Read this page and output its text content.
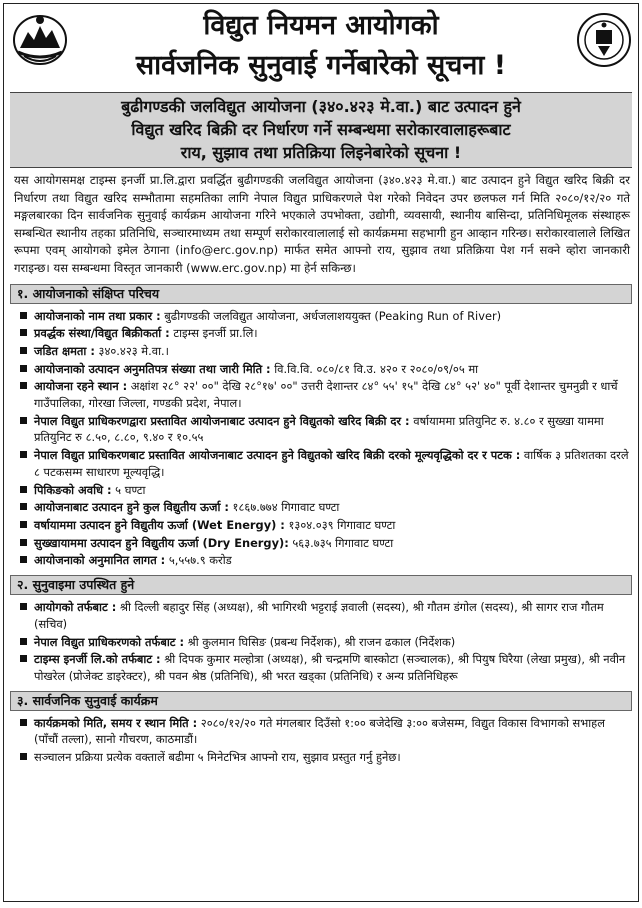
विद्युत नियमन आयोगको
सार्वजनिक सुनुवाई गर्नेबारेको सूचना !
बुढीगण्डकी जलविद्युत आयोजना (३४०.४२३ मे.वा.) बाट उत्पादन हुने
विद्युत खरिद बिक्री दर निर्धारण गर्ने सम्बन्धमा सरोकारवालाहरूबाट
राय, सुझाव तथा प्रतिक्रिया लिइनेबारेको सूचना !
यस आयोगसमक्ष टाइम्स इनर्जी प्रा.लि.द्वारा प्रवर्द्धित बुढीगण्डकी जलविद्युत आयोजना (३४०.४२३ मे.वा.) बाट उत्पादन हुने विद्युत खरिद बिक्री दर निर्धारण तथा विद्युत खरिद सम्भौतामा सहमतिका लागि नेपाल विद्युत प्राधिकरणले पेश गरेको निवेदन उपर छलफल गर्न मिति २०८०/१२/२० गते मङ्गलबारका दिन सार्वजनिक सुनुवाई कार्यक्रम आयोजना गरिने भएकाले उपभोक्ता, उद्योगी, व्यवसायी, स्थानीय बासिन्दा, प्रतिनिधिमूलक संस्थाहरू सम्बन्धित स्थानीय तहका प्रतिनिधि, सञ्चारमाध्यम तथा सम्पूर्ण सरोकारवालालाई सो कार्यक्रममा सहभागी हुन आव्हान गरिन्छ। सरोकारवालाले लिखित रूपमा एवम् आयोगको इमेल ठेगाना (info@erc.gov.np) मार्फत समेत आफ्नो राय, सुझाव तथा प्रतिक्रिया पेश गर्न सक्ने व्होरा जानकारी गराइन्छ। यस सम्बन्धमा विस्तृत जानकारी (www.erc.gov.np) मा हेर्न सकिन्छ।
१. आयोजनाको संक्षिप्त परिचय
आयोजनाको नाम तथा प्रकार : बुढीगण्डकी जलविद्युत आयोजना, अर्धजलाशययुक्त (Peaking Run of River)
प्रवर्द्धक संस्था/विद्युत बिक्रीकर्ता : टाइम्स इनर्जी प्रा.लि।
जडित क्षमता : ३४०.४२३ मे.वा.।
आयोजनाको उत्पादन अनुमतिपत्र संख्या तथा जारी मिति : वि.वि.वि. ०८०/८१ वि.उ. ४२० र २०८०/०९/०५ मा
आयोजना रहने स्थान : अक्षांश २८° २२' ००" देखि २८°१७' ००" उत्तरी देशान्तर ८४° ५५' १५" देखि ८४° ५२' ४०" पूर्वी देशान्तर चुमनुव्री र धार्चे गाउँपालिका, गोरखा जिल्ला, गण्डकी प्रदेश, नेपाल।
नेपाल विद्युत प्राधिकरणद्वारा प्रस्तावित आयोजनाबाट उत्पादन हुने विद्युतको खरिद बिक्री दर : वर्षायाममा प्रतियुनिट रु. ४.८० र सुख्खा याममा प्रतियुनिट रु ८.५०, ८.८०, ९.४० र १०.५५
नेपाल विद्युत प्राधिकरणबाट प्रस्तावित आयोजनाबाट उत्पादन हुने विद्युतको खरिद बिक्री दरको मूल्यवृद्धिको दर र पटक : वार्षिक ३ प्रतिशतका दरले ८ पटकसम्म साधारण मूल्यवृद्धि।
पिकिङको अवधि : ५ घण्टा
आयोजनाबाट उत्पादन हुने कुल विद्युतीय ऊर्जा : १८६७.७७४ गिगावाट घण्टा
वर्षायाममा उत्पादन हुने विद्युतीय ऊर्जा (Wet Energy) : १३०४.०३९ गिगावाट घण्टा
सुख्खायाममा उत्पादन हुने विद्युतीय ऊर्जा (Dry Energy): ५६३.७३५ गिगावाट घण्टा
आयोजनाको अनुमानित लागत : ५,५५७.९ करोड
२. सुनुवाइमा उपस्थित हुने
आयोगको तर्फबाट : श्री दिल्ली बहादुर सिंह (अध्यक्ष), श्री भागिरथी भट्टराई ज्ञवाली (सदस्य), श्री गौतम डंगोल (सदस्य), श्री सागर राज गौतम (सचिव)
नेपाल विद्युत प्राधिकरणको तर्फबाट : श्री कुलमान घिसिङ (प्रबन्ध निर्देशक), श्री राजन ढकाल (निर्देशक)
टाइम्स इनर्जी लि.को तर्फबाट : श्री दिपक कुमार मल्होत्रा (अध्यक्ष), श्री चन्द्रमणि बास्कोटा (सञ्चालक), श्री पियुष घिरैया (लेखा प्रमुख), श्री नवीन पोखरेल (प्रोजेक्ट डाइरेक्टर), श्री पवन श्रेष्ठ (प्रतिनिधि), श्री भरत खड्का (प्रतिनिधि) र अन्य प्रतिनिधिहरू
३. सार्वजनिक सुनुवाई कार्यक्रम
कार्यक्रमको मिति, समय र स्थान मिति : २०८०/१२/२० गते मंगलबार दिउँसो १:०० बजेदेखि ३:०० बजेसम्म, विद्युत विकास विभागको सभाहल (पाँचौं तल्ला), सानो गौचरण, काठमाडौं।
सञ्चालन प्रक्रिया प्रत्येक वक्तालें बढीमा ५ मिनेटभित्र आफ्नो राय, सुझाव प्रस्तुत गर्नु हुनेछ।
